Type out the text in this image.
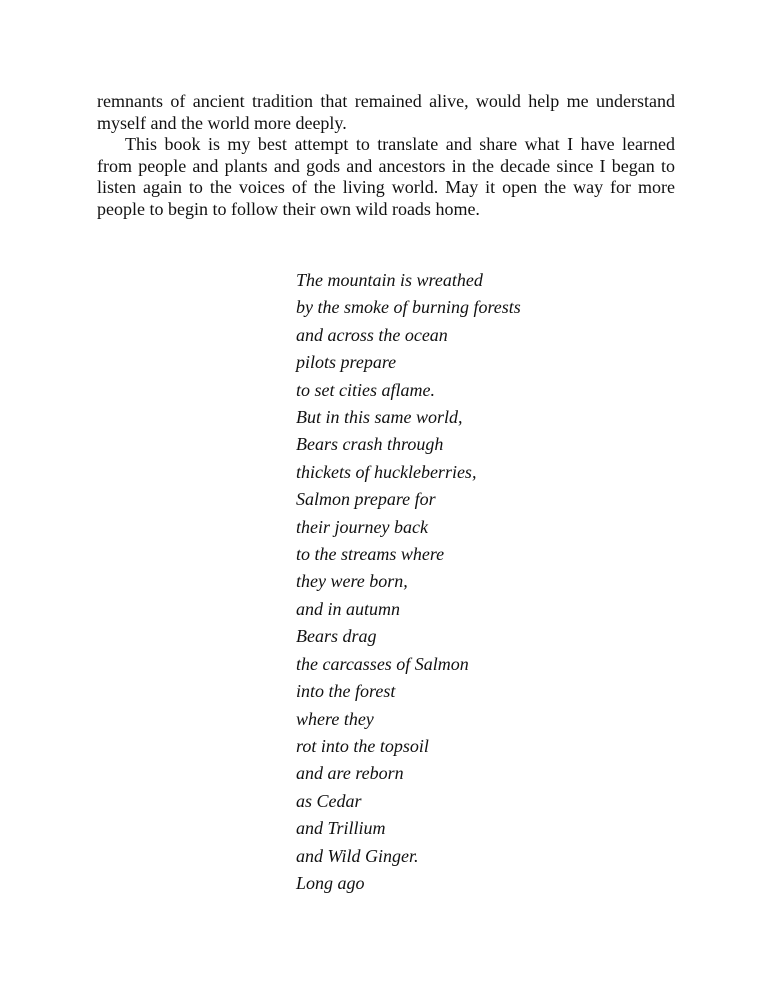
remnants of ancient tradition that remained alive, would help me understand myself and the world more deeply.

This book is my best attempt to translate and share what I have learned from people and plants and gods and ancestors in the decade since I began to listen again to the voices of the living world. May it open the way for more people to begin to follow their own wild roads home.

The mountain is wreathed
by the smoke of burning forests
and across the ocean
pilots prepare
to set cities aflame.
But in this same world,
Bears crash through
thickets of huckleberries,
Salmon prepare for
their journey back
to the streams where
they were born,
and in autumn
Bears drag
the carcasses of Salmon
into the forest
where they
rot into the topsoil
and are reborn
as Cedar
and Trillium
and Wild Ginger.
Long ago
